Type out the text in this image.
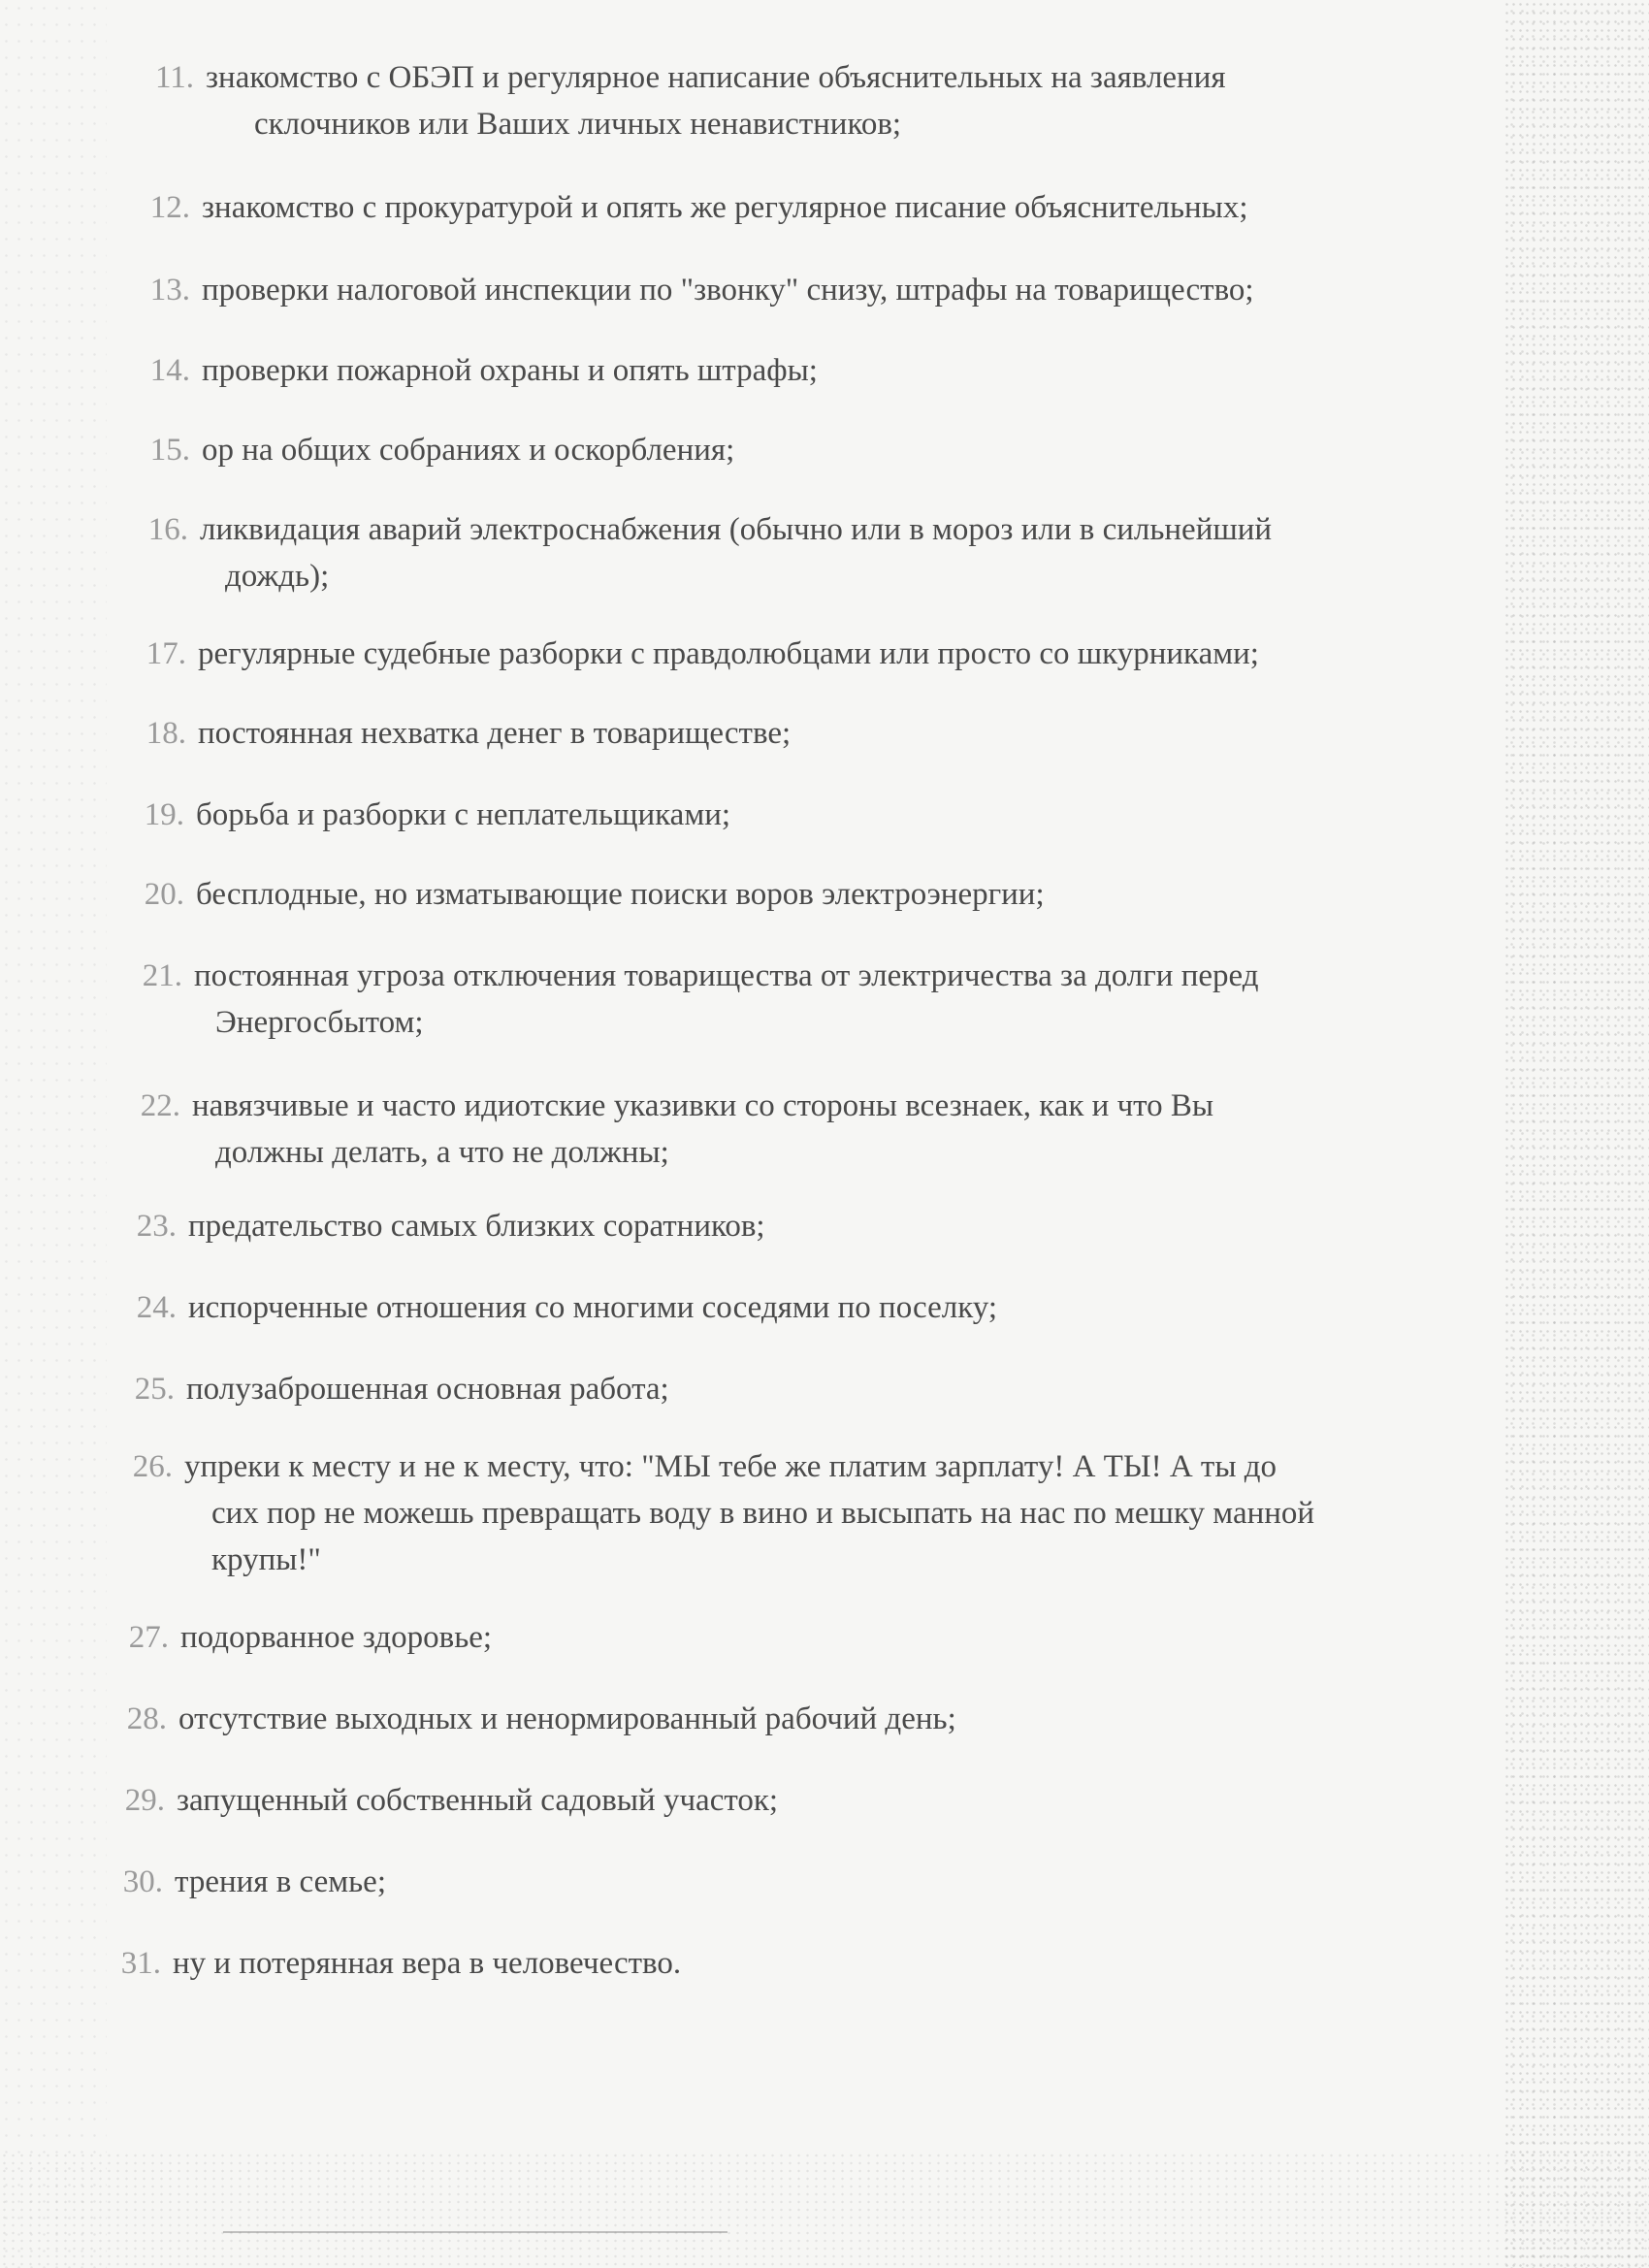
11. знакомство с ОБЭП и регулярное написание объяснительных на заявления
склочников или Ваших личных ненавистников;
12. знакомство с прокуратурой и опять же регулярное писание объяснительных;
13. проверки налоговой инспекции по "звонку" снизу, штрафы на товарищество;
14. проверки пожарной охраны и опять штрафы;
15. ор на общих собраниях и оскорбления;
16. ликвидация аварий электроснабжения (обычно или в мороз или в сильнейший
дождь);
17. регулярные судебные разборки с правдолюбцами или просто со шкурниками;
18. постоянная нехватка денег в товариществе;
19. борьба и разборки с неплательщиками;
20. бесплодные, но изматывающие поиски воров электроэнергии;
21. постоянная угроза отключения товарищества от электричества за долги перед
Энергосбытом;
22. навязчивые и часто идиотские указивки со стороны всезнаек, как и что Вы
должны делать, а что не должны;
23. предательство самых близких соратников;
24. испорченные отношения со многими соседями по поселку;
25. полузаброшенная основная работа;
26. упреки к месту и не к месту, что: "МЫ тебе же платим зарплату! А ТЫ! А ты до
сих пор не можешь превращать воду в вино и высыпать на нас по мешку манной
крупы!"
27. подорванное здоровье;
28. отсутствие выходных и ненормированный рабочий день;
29. запущенный собственный садовый участок;
30. трения в семье;
31. ну и потерянная вера в человечество.
